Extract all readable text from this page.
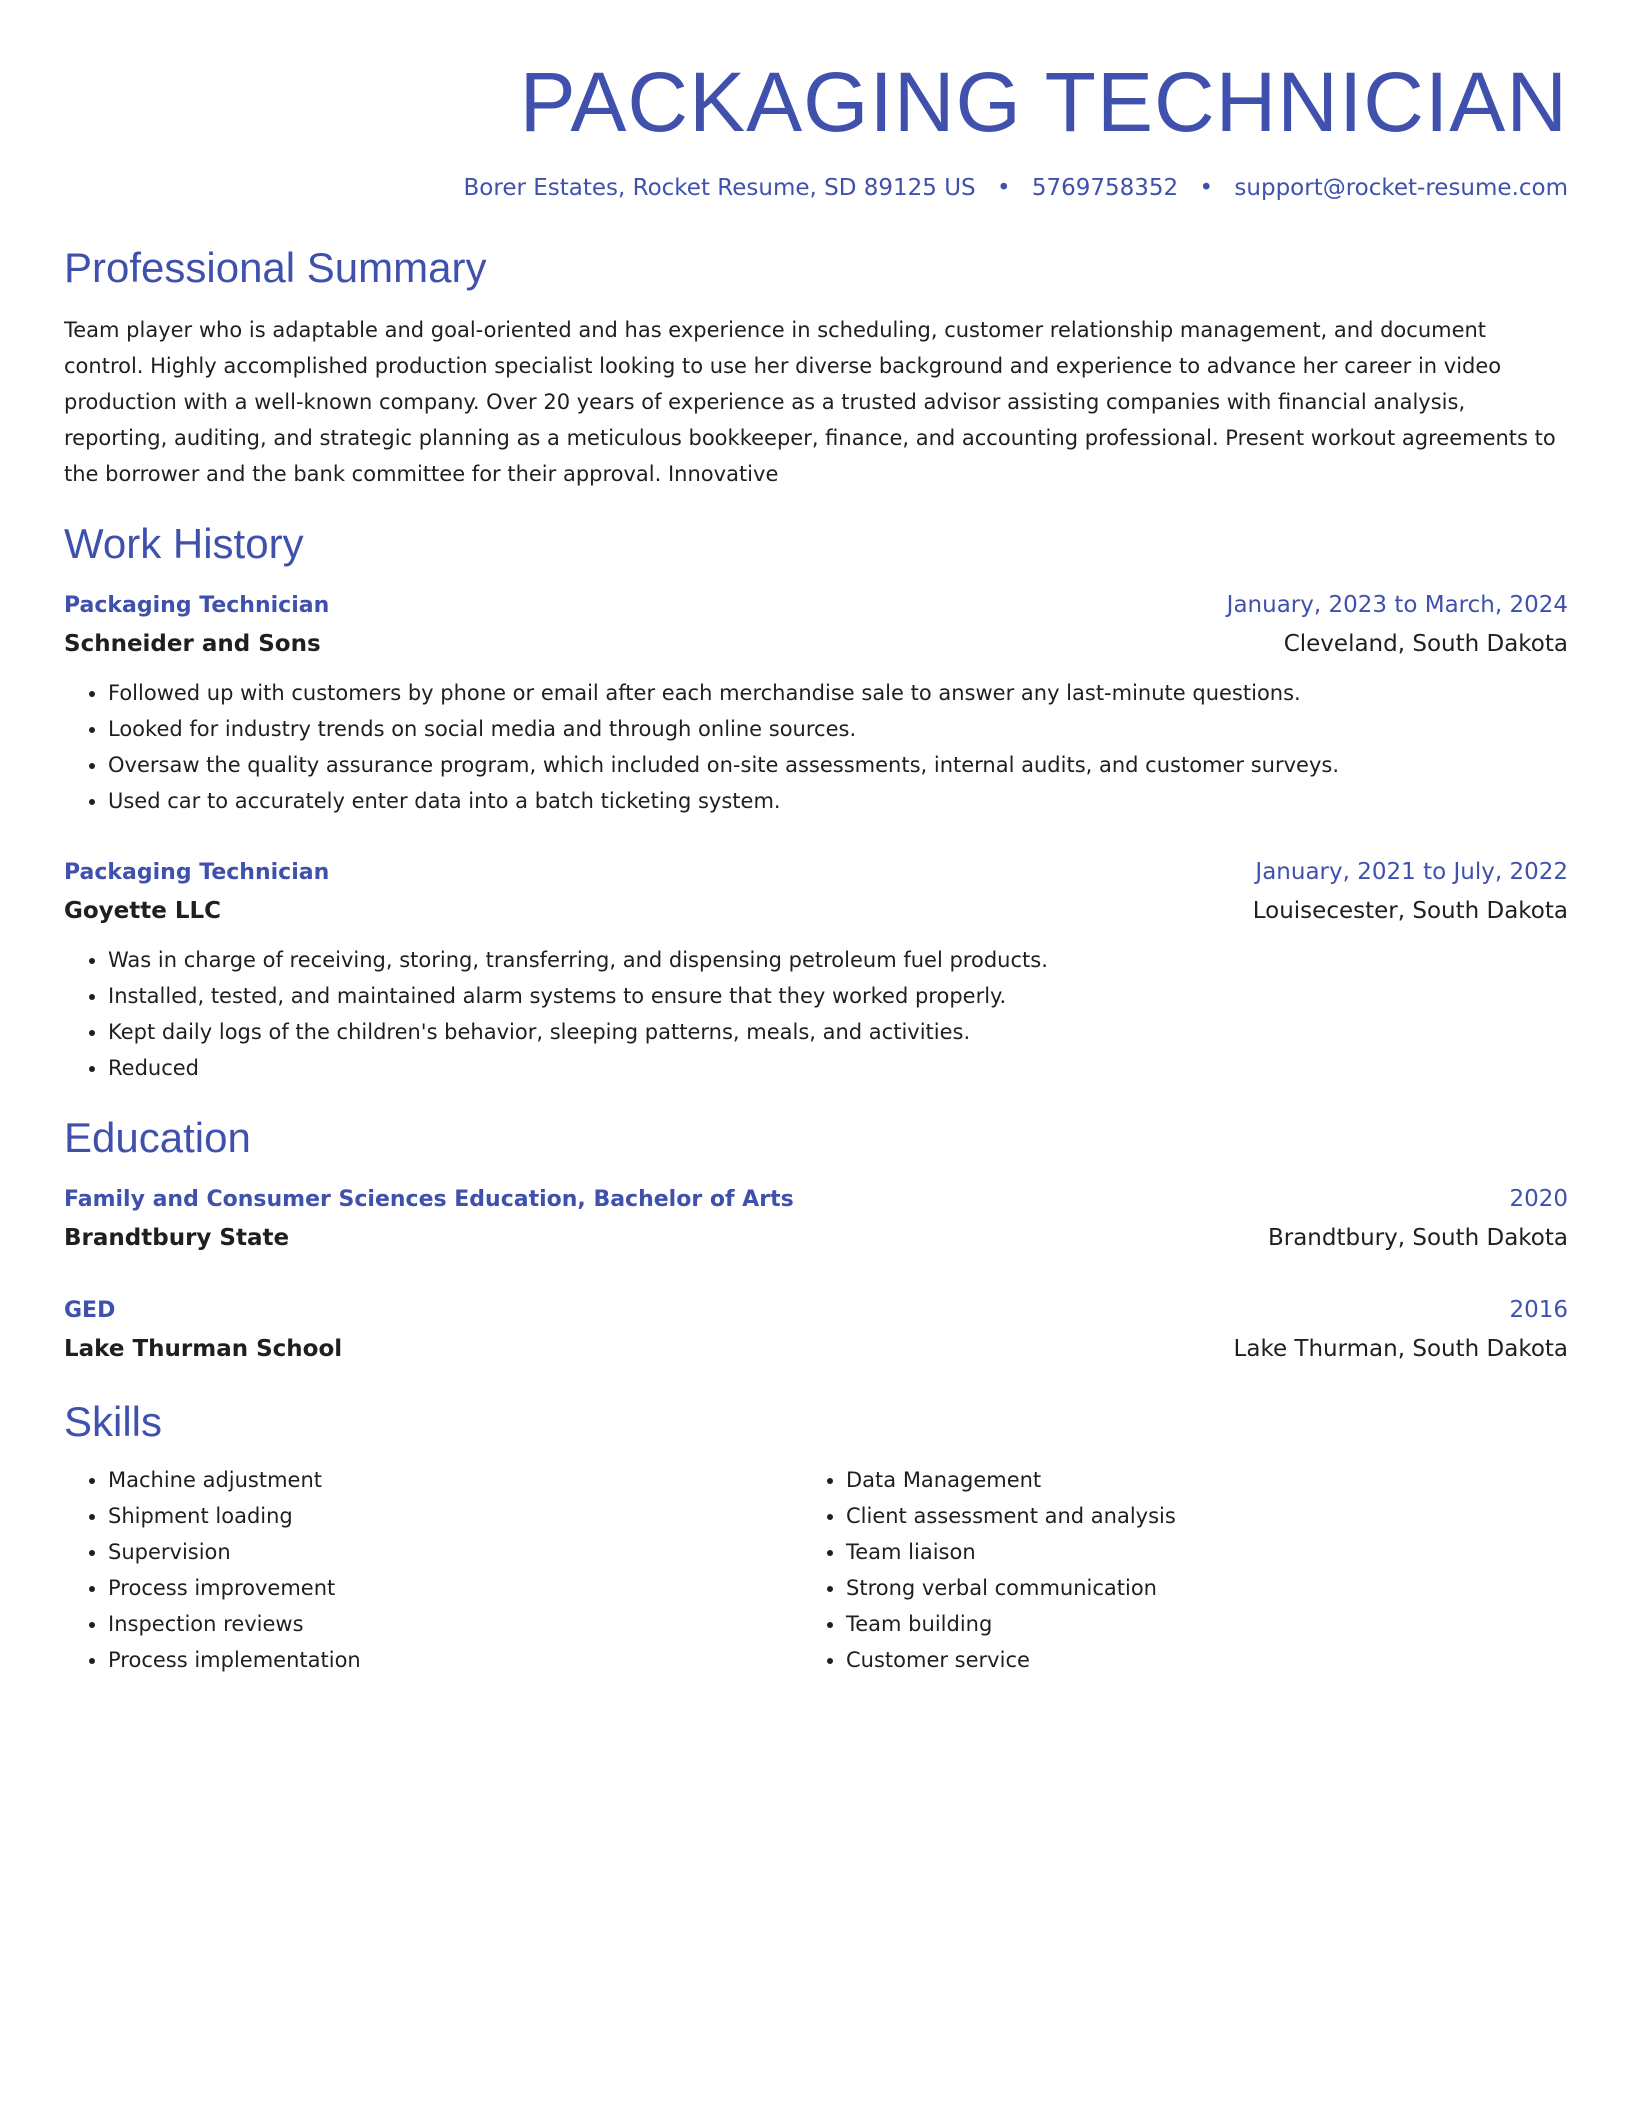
PACKAGING TECHNICIAN
Borer Estates, Rocket Resume, SD 89125 US • 5769758352 • support@rocket-resume.com
Professional Summary

Team player who is adaptable and goal-oriented and has experience in scheduling, customer relationship management, and document control. Highly accomplished production specialist looking to use her diverse background and experience to advance her career in video production with a well-known company. Over 20 years of experience as a trusted advisor assisting companies with financial analysis, reporting, auditing, and strategic planning as a meticulous bookkeeper, finance, and accounting professional. Present workout agreements to the borrower and the bank committee for their approval. Innovative

Work History
Packaging Technician	January, 2023 to March, 2024
Schneider and Sons	Cleveland, South Dakota
• Followed up with customers by phone or email after each merchandise sale to answer any last-minute questions.
• Looked for industry trends on social media and through online sources.
• Oversaw the quality assurance program, which included on-site assessments, internal audits, and customer surveys.
• Used car to accurately enter data into a batch ticketing system.
Packaging Technician	January, 2021 to July, 2022
Goyette LLC	Louisecester, South Dakota
• Was in charge of receiving, storing, transferring, and dispensing petroleum fuel products.
• Installed, tested, and maintained alarm systems to ensure that they worked properly.
• Kept daily logs of the children's behavior, sleeping patterns, meals, and activities.
• Reduced
Education
Family and Consumer Sciences Education, Bachelor of Arts	2020
Brandtbury State	Brandtbury, South Dakota
GED	2016
Lake Thurman School	Lake Thurman, South Dakota
Skills
• Machine adjustment
• Shipment loading
• Supervision
• Process improvement
• Inspection reviews
• Process implementation
• Data Management
• Client assessment and analysis
• Team liaison
• Strong verbal communication
• Team building
• Customer service
